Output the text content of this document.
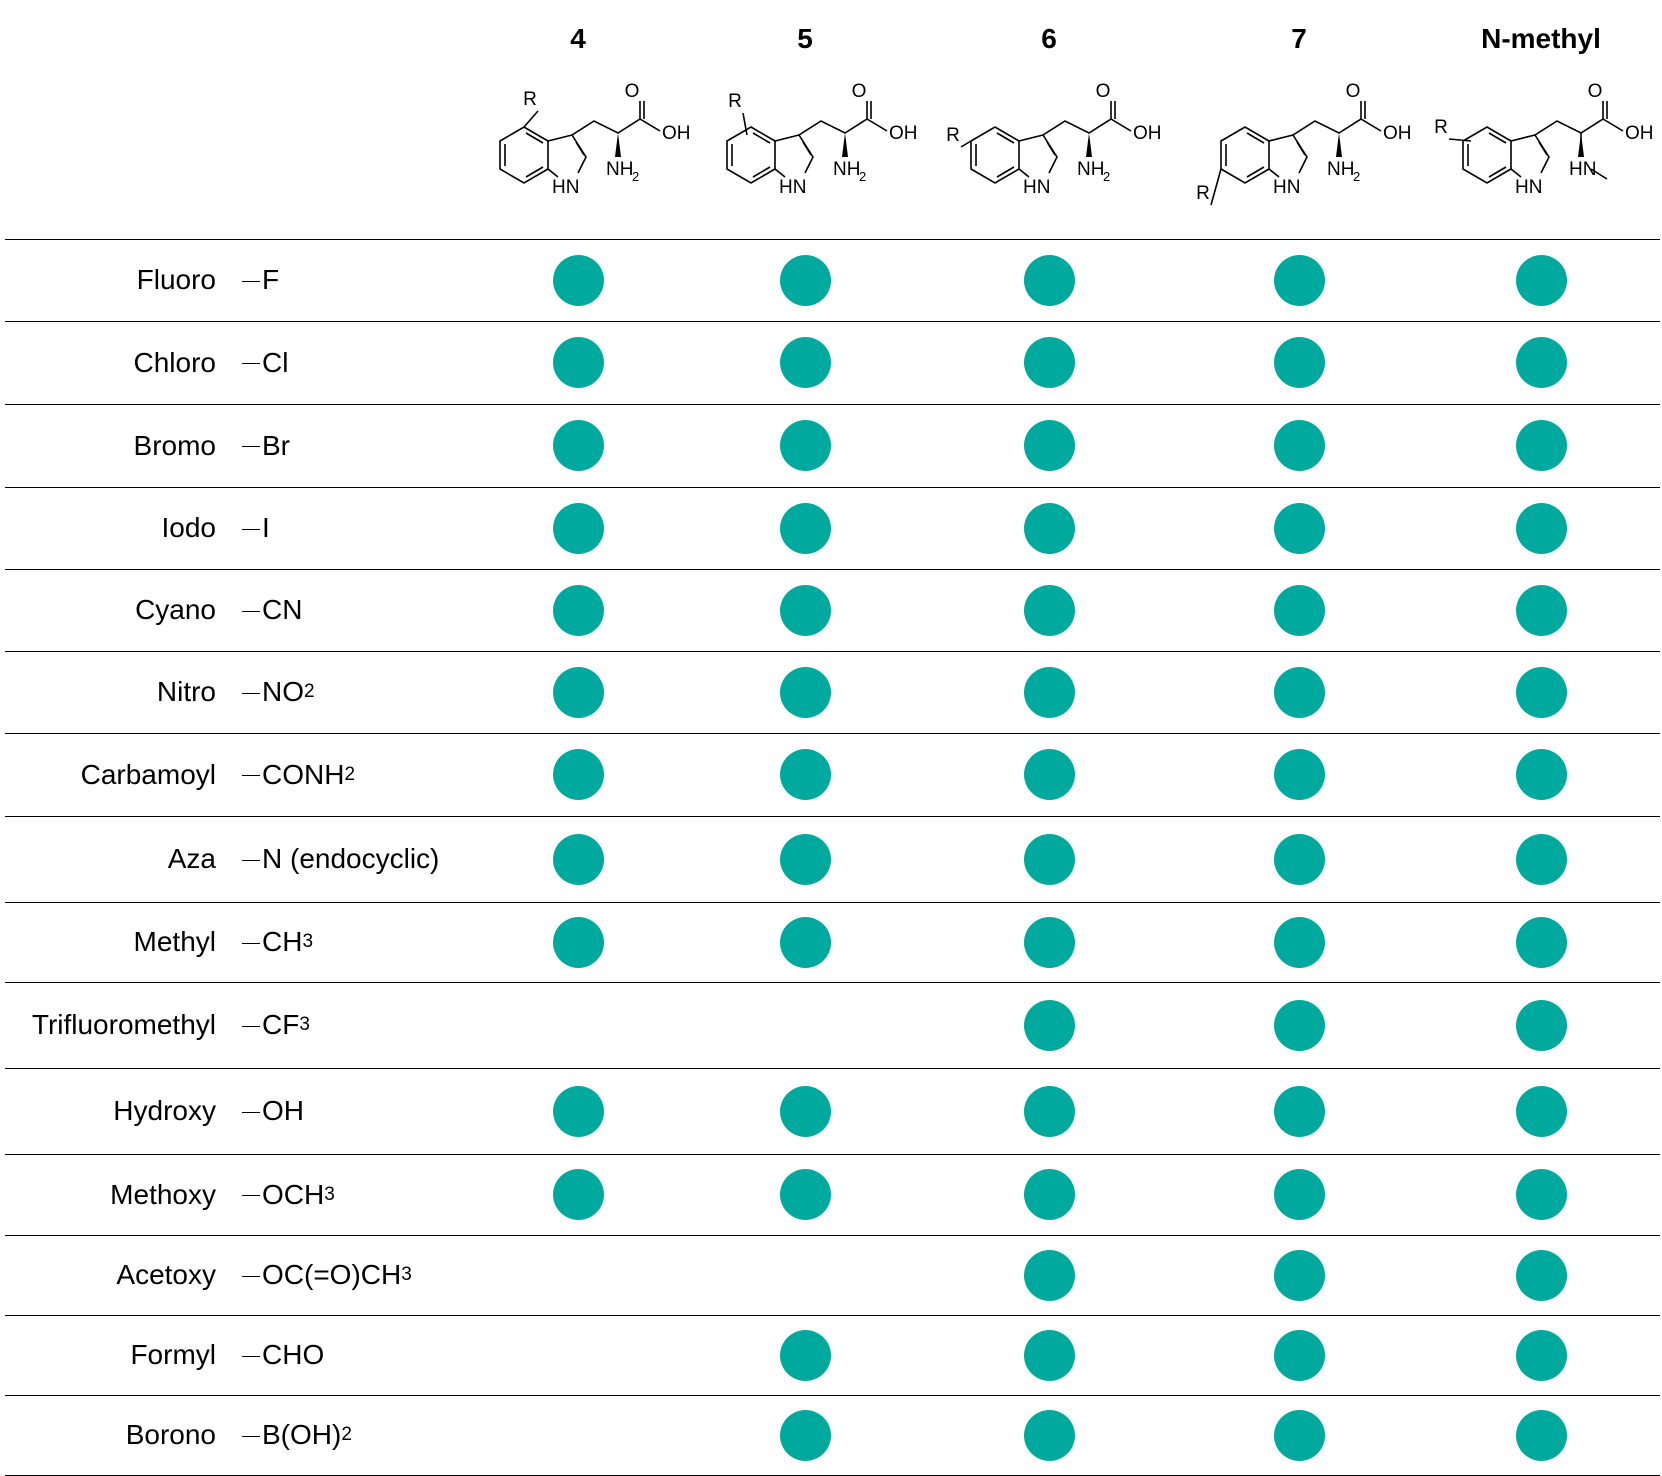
4
R
HN
O
OH
NH
2
5
R
HN
O
OH
NH
2
6
R
HN
O
OH
NH
2
7
R	HN
O
OH
NH
2
N-methyl
R
HN
O
OH
HN
Fluoro F
Chloro Cl
Bromo Br
Iodo I
Cyano CN
Nitro NO 2
Carbamoyl CONH 2
Aza N (endocyclic)
Methyl CH 3
Trifluoromethyl CF 3
Hydroxy OH
Methoxy OCH 3
Acetoxy OC(=O)CH 3
Formyl CHO
Borono B(OH) 2
